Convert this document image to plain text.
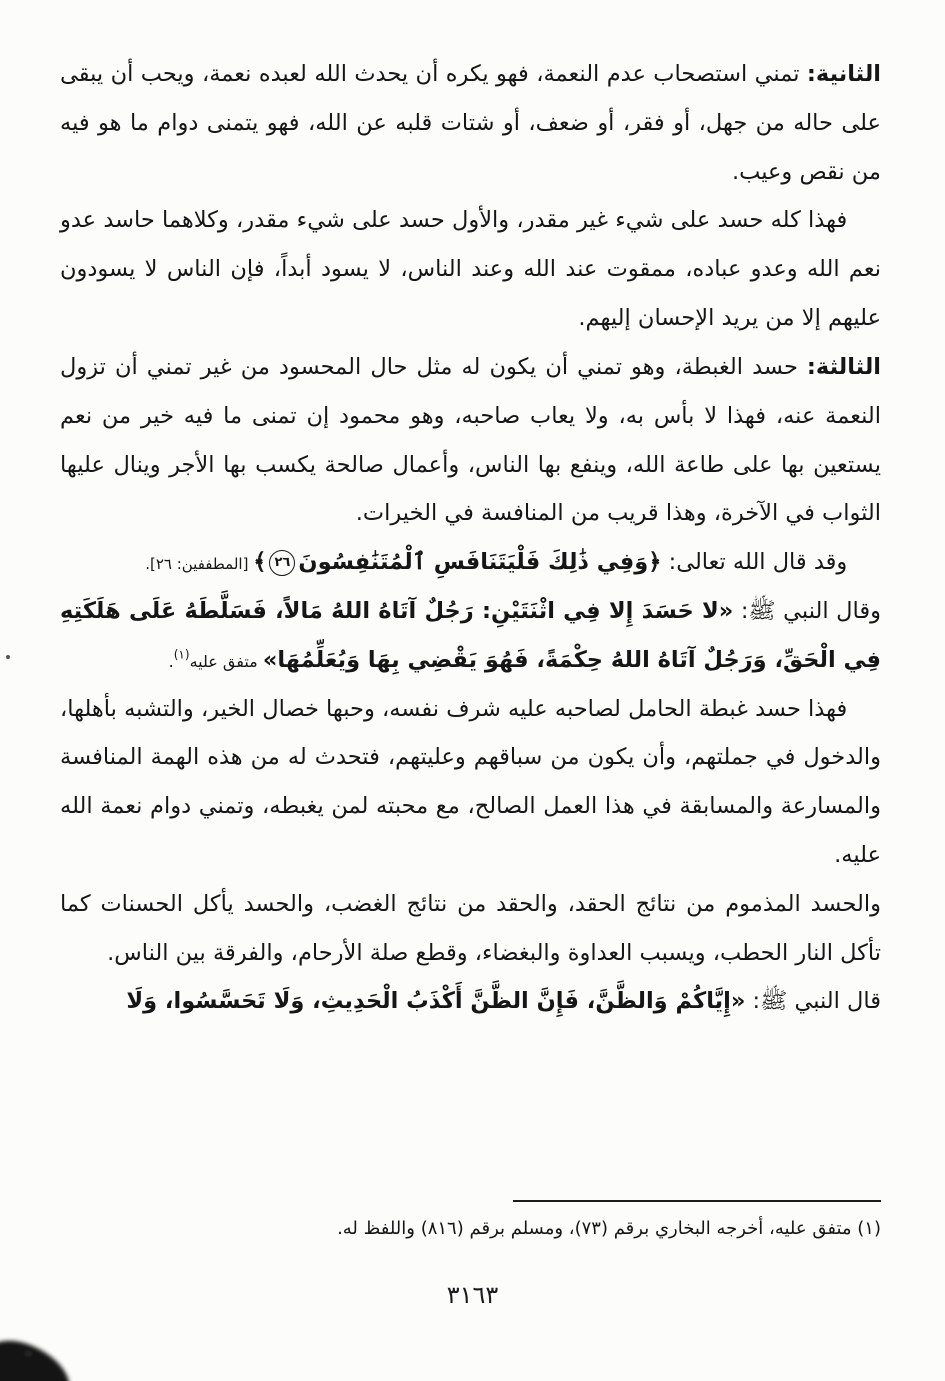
الثانية: تمني استصحاب عدم النعمة، فهو يكره أن يحدث الله لعبده نعمة، ويحب أن يبقى على حاله من جهل، أو فقر، أو ضعف، أو شتات قلبه عن الله، فهو يتمنى دوام ما هو فيه من نقص وعيب.

فهذا كله حسد على شيء غير مقدر، والأول حسد على شيء مقدر، وكلاهما حاسد عدو نعم الله وعدو عباده، ممقوت عند الله وعند الناس، لا يسود أبداً، فإن الناس لا يسودون عليهم إلا من يريد الإحسان إليهم.

الثالثة: حسد الغبطة، وهو تمني أن يكون له مثل حال المحسود من غير تمني أن تزول النعمة عنه، فهذا لا بأس به، ولا يعاب صاحبه، وهو محمود إن تمنى ما فيه خير من نعم يستعين بها على طاعة الله، وينفع بها الناس، وأعمال صالحة يكسب بها الأجر وينال عليها الثواب في الآخرة، وهذا قريب من المنافسة في الخيرات.

وقد قال الله تعالى: ﴿وَفِي ذَٰلِكَ فَلْيَتَنَافَسِ ٱلْمُتَنَٰفِسُونَ٢٦﴾ [المطففين: ٢٦].

وقال النبي ﷺ: «لا حَسَدَ إِلا فِي اثْنَتَيْنِ: رَجُلٌ آتَاهُ اللهُ مَالاً، فَسَلَّطَهُ عَلَى هَلَكَتِهِ فِي الْحَقِّ، وَرَجُلٌ آتَاهُ اللهُ حِكْمَةً، فَهُوَ يَقْضِي بِهَا وَيُعَلِّمُهَا» متفق عليه$^{(١)}$.

فهذا حسد غبطة الحامل لصاحبه عليه شرف نفسه، وحبها خصال الخير، والتشبه بأهلها، والدخول في جملتهم، وأن يكون من سباقهم وعليتهم، فتحدث له من هذه الهمة المنافسة والمسارعة والمسابقة في هذا العمل الصالح، مع محبته لمن يغبطه، وتمني دوام نعمة الله عليه.

والحسد المذموم من نتائج الحقد، والحقد من نتائج الغضب، والحسد يأكل الحسنات كما تأكل النار الحطب، ويسبب العداوة والبغضاء، وقطع صلة الأرحام، والفرقة بين الناس.

قال النبي ﷺ: «إِيَّاكُمْ وَالظَّنَّ، فَإِنَّ الظَّنَّ أَكْذَبُ الْحَدِيثِ، وَلَا تَحَسَّسُوا، وَلَا

(١) متفق عليه، أخرجه البخاري برقم (٧٣)، ومسلم برقم (٨١٦) واللفظ له.

٣١٦٣
